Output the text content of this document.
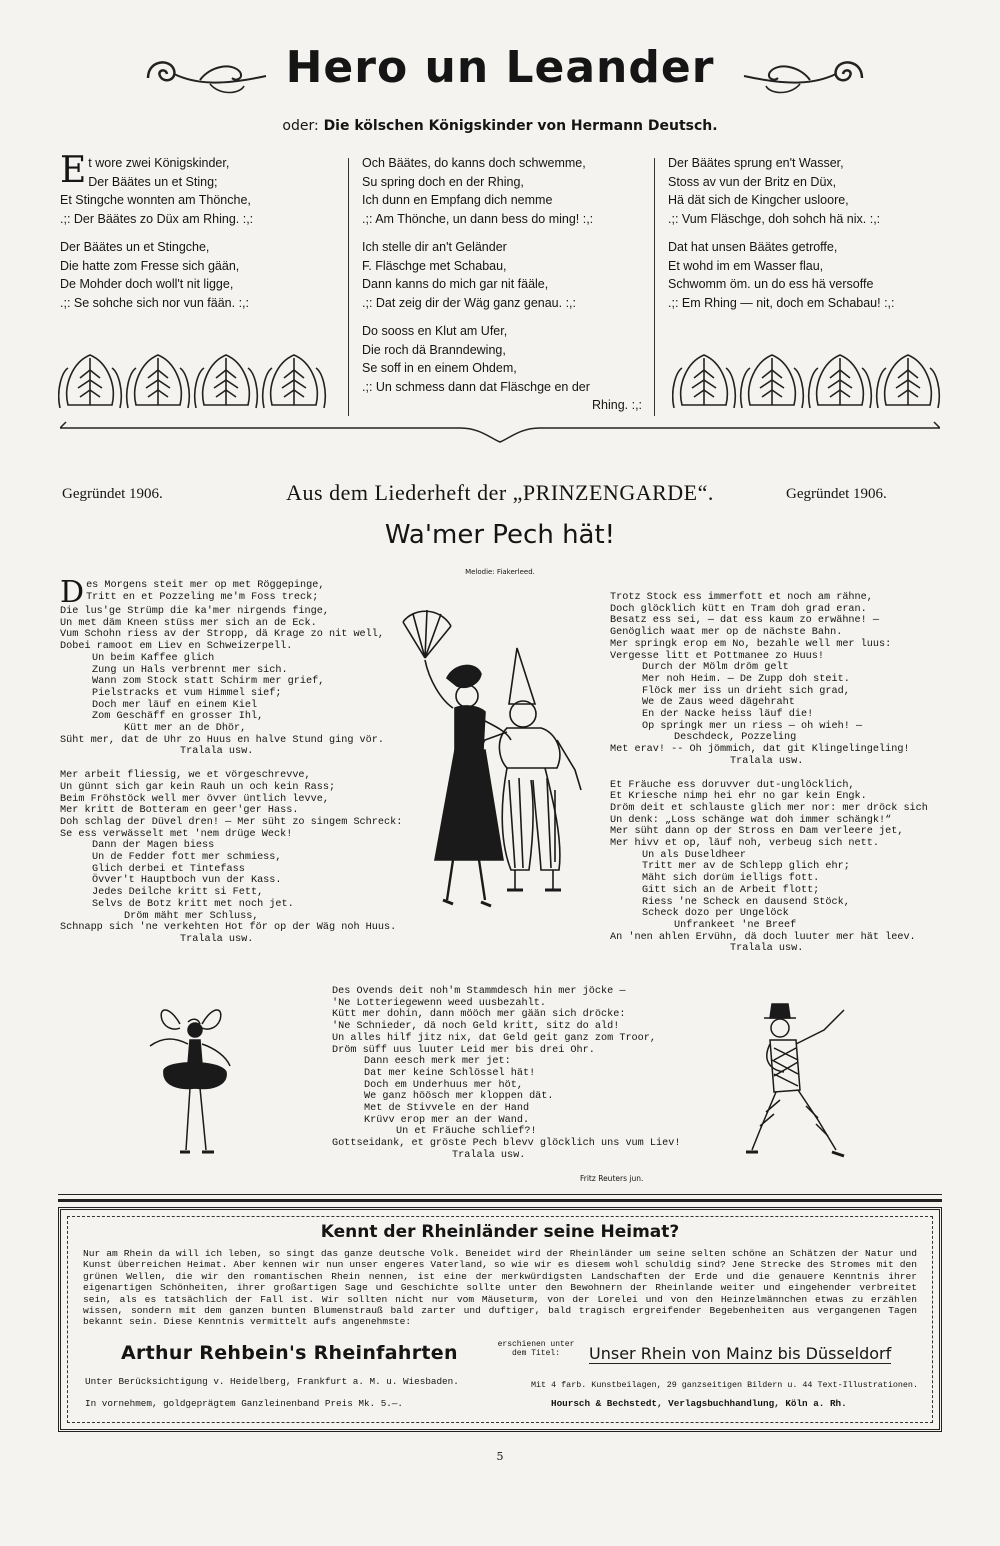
Hero un Leander
oder: Die kölschen Königskinder von Hermann Deutsch.
E t wore zwei Königskinder,
Der Bäätes un et Sting;
Et Stingche wonnten am Thönche,
.;: Der Bäätes zo Düx am Rhing. :,:
Der Bäätes un et Stingche,
Die hatte zom Fresse sich gään,
De Mohder doch woll't nit ligge,
.;: Se sohche sich nor vun fään. :,:
Och Bäätes, do kanns doch schwemme,
Su spring doch en der Rhing,
Ich dunn en Empfang dich nemme
.;: Am Thönche, un dann bess do ming! :,:
Ich stelle dir an't Geländer
F. Fläschge met Schabau,
Dann kanns do mich gar nit fääle,
.;: Dat zeig dir der Wäg ganz genau. :,:
Do sooss en Klut am Ufer,
Die roch dä Branndewing,
Se soff in en einem Ohdem,
.;: Un schmess dann dat Fläschge en der
Rhing. :,:
Der Bäätes sprung en't Wasser,
Stoss av vun der Britz en Düx,
Hä dät sich de Kingcher usloore,
.;: Vum Fläschge, doh sohch hä nix. :,:
Dat hat unsen Bäätes getroffe,
Et wohd im em Wasser flau,
Schwomm öm. un do ess hä versoffe
.;: Em Rhing — nit, doch em Schabau! :,:
Gegründet 1906.	Gegründet 1906.
Aus dem Liederheft der „PRINZENGARDE“.
Wa'mer Pech hät!
Melodie: Fiakerleed.
D es Morgens steit mer op met Röggepinge,
Tritt en et Pozzeling me'm Foss treck;
Die lus'ge Strümp die ka'mer nirgends finge,
Un met däm Kneen stüss mer sich an de Eck.
Vum Schohn riess av der Stropp, dä Krage zo nit well,
Dobei ramoot em Liev en Schweizerpell.
Un beim Kaffee glich
Zung un Hals verbrennt mer sich.
Wann zom Stock statt Schirm mer grief,
Pielstracks et vum Himmel sief;
Doch mer läuf en einem Kiel
Zom Geschäff en grosser Ihl,
Kütt mer an de Dhör,
Süht mer, dat de Uhr zo Huus en halve Stund ging vör.
Tralala usw.
Mer arbeit fliessig, we et vörgeschrevve,
Un günnt sich gar kein Rauh un och kein Rass;
Beim Fröhstöck well mer övver üntlich levve,
Mer kritt de Botteram en geer'ger Hass.
Doh schlag der Düvel dren! — Mer süht zo singem Schreck:
Se ess verwässelt met 'nem drüge Weck!
Dann der Magen biess
Un de Fedder fott mer schmiess,
Glich derbei et Tintefass
Övver't Hauptboch vun der Kass.
Jedes Deilche kritt si Fett,
Selvs de Botz kritt met noch jet.
Dröm mäht mer Schluss,
Schnapp sich 'ne verkehten Hot för op der Wäg noh Huus.
Tralala usw.
Trotz Stock ess immerfott et noch am rähne,
Doch glöcklich kütt en Tram doh grad eran.
Besatz ess sei, — dat ess kaum zo erwähne! —
Genöglich waat mer op de nächste Bahn.
Mer springk erop em No, bezahle well mer luus:
Vergesse litt et Pottmanee zo Huus!
Durch der Mölm dröm gelt
Mer noh Heim. — De Zupp doh steit.
Flöck mer iss un drieht sich grad,
We de Zaus weed dägehraht
En der Nacke heiss läuf die!
Op springk mer un riess — oh wieh! —
Deschdeck, Pozzeling
Met erav! -- Oh jömmich, dat git Klingelingeling!
Tralala usw.
Et Fräuche ess doruvver dut-unglöcklich,
Et Kriesche nimp hei ehr no gar kein Engk.
Dröm deit et schlauste glich mer nor: mer dröck sich
Un denk: „Loss schänge wat doh immer schängk!“
Mer süht dann op der Stross en Dam verleere jet,
Mer hivv et op, läuf noh, verbeug sich nett.
Un als Duseldheer
Tritt mer av de Schlepp glich ehr;
Mäht sich dorüm ielligs fott.
Gitt sich an de Arbeit flott;
Riess 'ne Scheck en dausend Stöck,
Scheck dozo per Ungelöck
Unfrankeet 'ne Breef
An 'nen ahlen Ervühn, dä doch luuter mer hät leev.
Tralala usw.
Des Ovends deit noh'm Stammdesch hin mer jöcke —
'Ne Lotteriegewenn weed uusbezahlt.
Kütt mer dohin, dann mööch mer gään sich dröcke:
'Ne Schnieder, dä noch Geld kritt, sitz do ald!
Un alles hilf jitz nix, dat Geld geit ganz zom Troor,
Dröm süff uus luuter Leid mer bis drei Ohr.
Dann eesch merk mer jet:
Dat mer keine Schlössel hät!
Doch em Underhuus mer höt,
We ganz höösch mer kloppen dät.
Met de Stivvele en der Hand
Krüvv erop mer an der Wand.
Un et Fräuche schlief?!
Gottseidank, et gröste Pech blevv glöcklich uns vum Liev!
Tralala usw.
Fritz Reuters jun.
Kennt der Rheinländer seine Heimat?
Nur am Rhein da will ich leben, so singt das ganze deutsche Volk. Beneidet wird der Rheinländer um seine selten schöne an Schätzen der Natur und Kunst überreichen Heimat. Aber kennen wir nun unser engeres Vaterland, so wie wir es diesem wohl schuldig sind? Jene Strecke des Stromes mit den grünen Wellen, die wir den romantischen Rhein nennen, ist eine der merkwürdigsten Landschaften der Erde und die genauere Kenntnis ihrer eigenartigen Schönheiten, ihrer großartigen Sage und Geschichte sollte unter den Bewohnern der Rheinlande weiter und eingehender verbreitet sein, als es tatsächlich der Fall ist. Wir sollten nicht nur vom Mäuseturm, von der Lorelei und von den Heinzelmännchen etwas zu erzählen wissen, sondern mit dem ganzen bunten Blumenstrauß bald zarter und duftiger, bald tragisch ergreifender Begebenheiten aus vergangenen Tagen bekannt sein. Diese Kenntnis vermittelt aufs angenehmste:
Arthur Rehbein's Rheinfahrten	erschienen unter dem Titel:	Unser Rhein von Mainz bis Düsseldorf
Unter Berücksichtigung v. Heidelberg, Frankfurt a. M. u. Wiesbaden.
In vornehmem, goldgeprägtem Ganzleinenband Preis Mk. 5.—.
Mit 4 farb. Kunstbeilagen, 29 ganzseitigen Bildern u. 44 Text-Illustrationen.
Hoursch & Bechstedt, Verlagsbuchhandlung, Köln a. Rh.
5
